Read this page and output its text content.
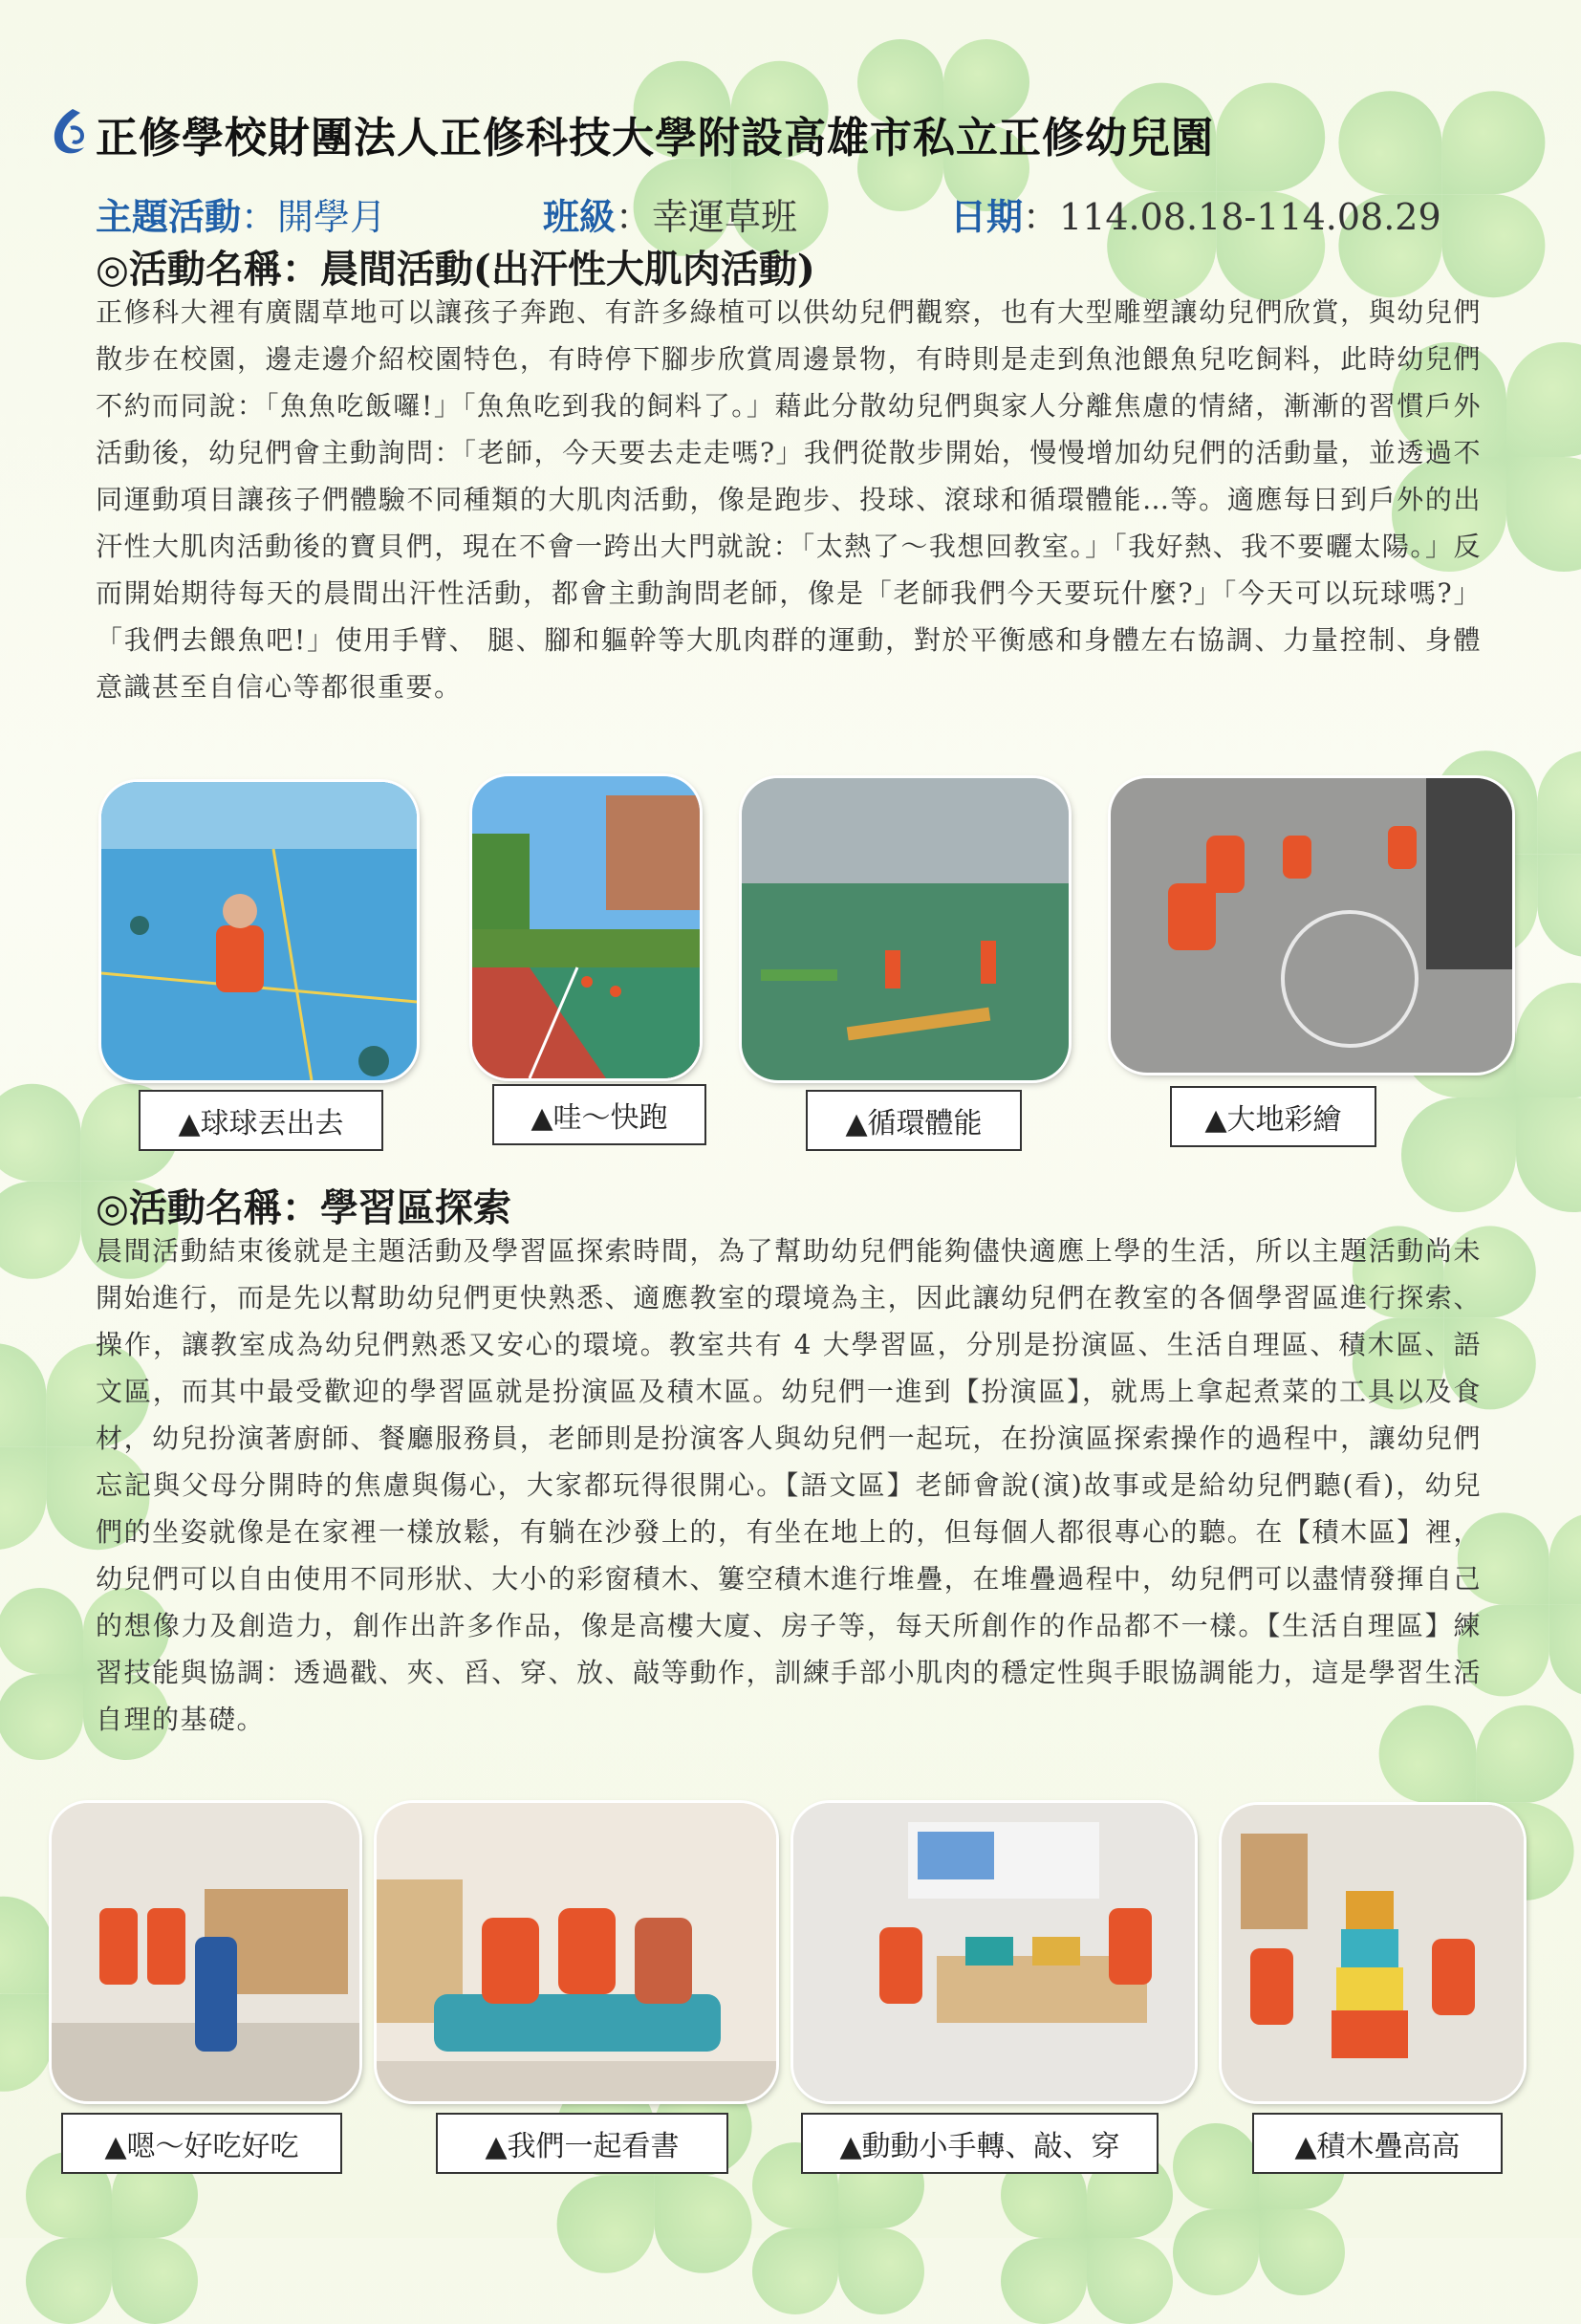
正修學校財團法人正修科技大學附設高雄市私立正修幼兒園
主題活動：開學月	班級：幸運草班	日期：114.08.18-114.08.29
◎活動名稱：晨間活動(出汗性大肌肉活動)

正修科大裡有廣闊草地可以讓孩子奔跑、有許多綠植可以供幼兒們觀察，也有大型雕塑讓幼兒們欣賞，與幼兒們散步在校園，邊走邊介紹校園特色，有時停下腳步欣賞周邊景物，有時則是走到魚池餵魚兒吃飼料，此時幼兒們不約而同說：「魚魚吃飯囉!」「魚魚吃到我的飼料了。」藉此分散幼兒們與家人分離焦慮的情緒，漸漸的習慣戶外活動後，幼兒們會主動詢問：「老師，今天要去走走嗎?」我們從散步開始，慢慢增加幼兒們的活動量，並透過不同運動項目讓孩子們體驗不同種類的大肌肉活動，像是跑步、投球、滾球和循環體能…等。適應每日到戶外的出汗性大肌肉活動後的寶貝們，現在不會一跨出大門就說：「太熱了～我想回教室。」「我好熱、我不要曬太陽。」反而開始期待每天的晨間出汗性活動，都會主動詢問老師，像是「老師我們今天要玩什麼?」「今天可以玩球嗎?」「我們去餵魚吧!」使用手臂、 腿、腳和軀幹等大肌肉群的運動，對於平衡感和身體左右協調、力量控制、身體意識甚至自信心等都很重要。

▲球球丟出去	▲哇～快跑	▲循環體能	▲大地彩繪
◎活動名稱：學習區探索

晨間活動結束後就是主題活動及學習區探索時間，為了幫助幼兒們能夠儘快適應上學的生活，所以主題活動尚未開始進行，而是先以幫助幼兒們更快熟悉、適應教室的環境為主，因此讓幼兒們在教室的各個學習區進行探索、操作，讓教室成為幼兒們熟悉又安心的環境。教室共有 4 大學習區，分別是扮演區、生活自理區、積木區、語文區，而其中最受歡迎的學習區就是扮演區及積木區。幼兒們一進到【扮演區】，就馬上拿起煮菜的工具以及食材，幼兒扮演著廚師、餐廳服務員，老師則是扮演客人與幼兒們一起玩，在扮演區探索操作的過程中，讓幼兒們忘記與父母分開時的焦慮與傷心，大家都玩得很開心。【語文區】老師會說(演)故事或是給幼兒們聽(看)，幼兒們的坐姿就像是在家裡一樣放鬆，有躺在沙發上的，有坐在地上的，但每個人都很專心的聽。在【積木區】裡，幼兒們可以自由使用不同形狀、大小的彩窗積木、簍空積木進行堆疊，在堆疊過程中，幼兒們可以盡情發揮自己的想像力及創造力，創作出許多作品，像是高樓大廈、房子等，每天所創作的作品都不一樣。【生活自理區】練習技能與協調：透過戳、夾、舀、穿、放、敲等動作，訓練手部小肌肉的穩定性與手眼協調能力，這是學習生活自理的基礎。

▲嗯～好吃好吃	▲我們一起看書	▲動動小手轉、敲、穿	▲積木疊高高
